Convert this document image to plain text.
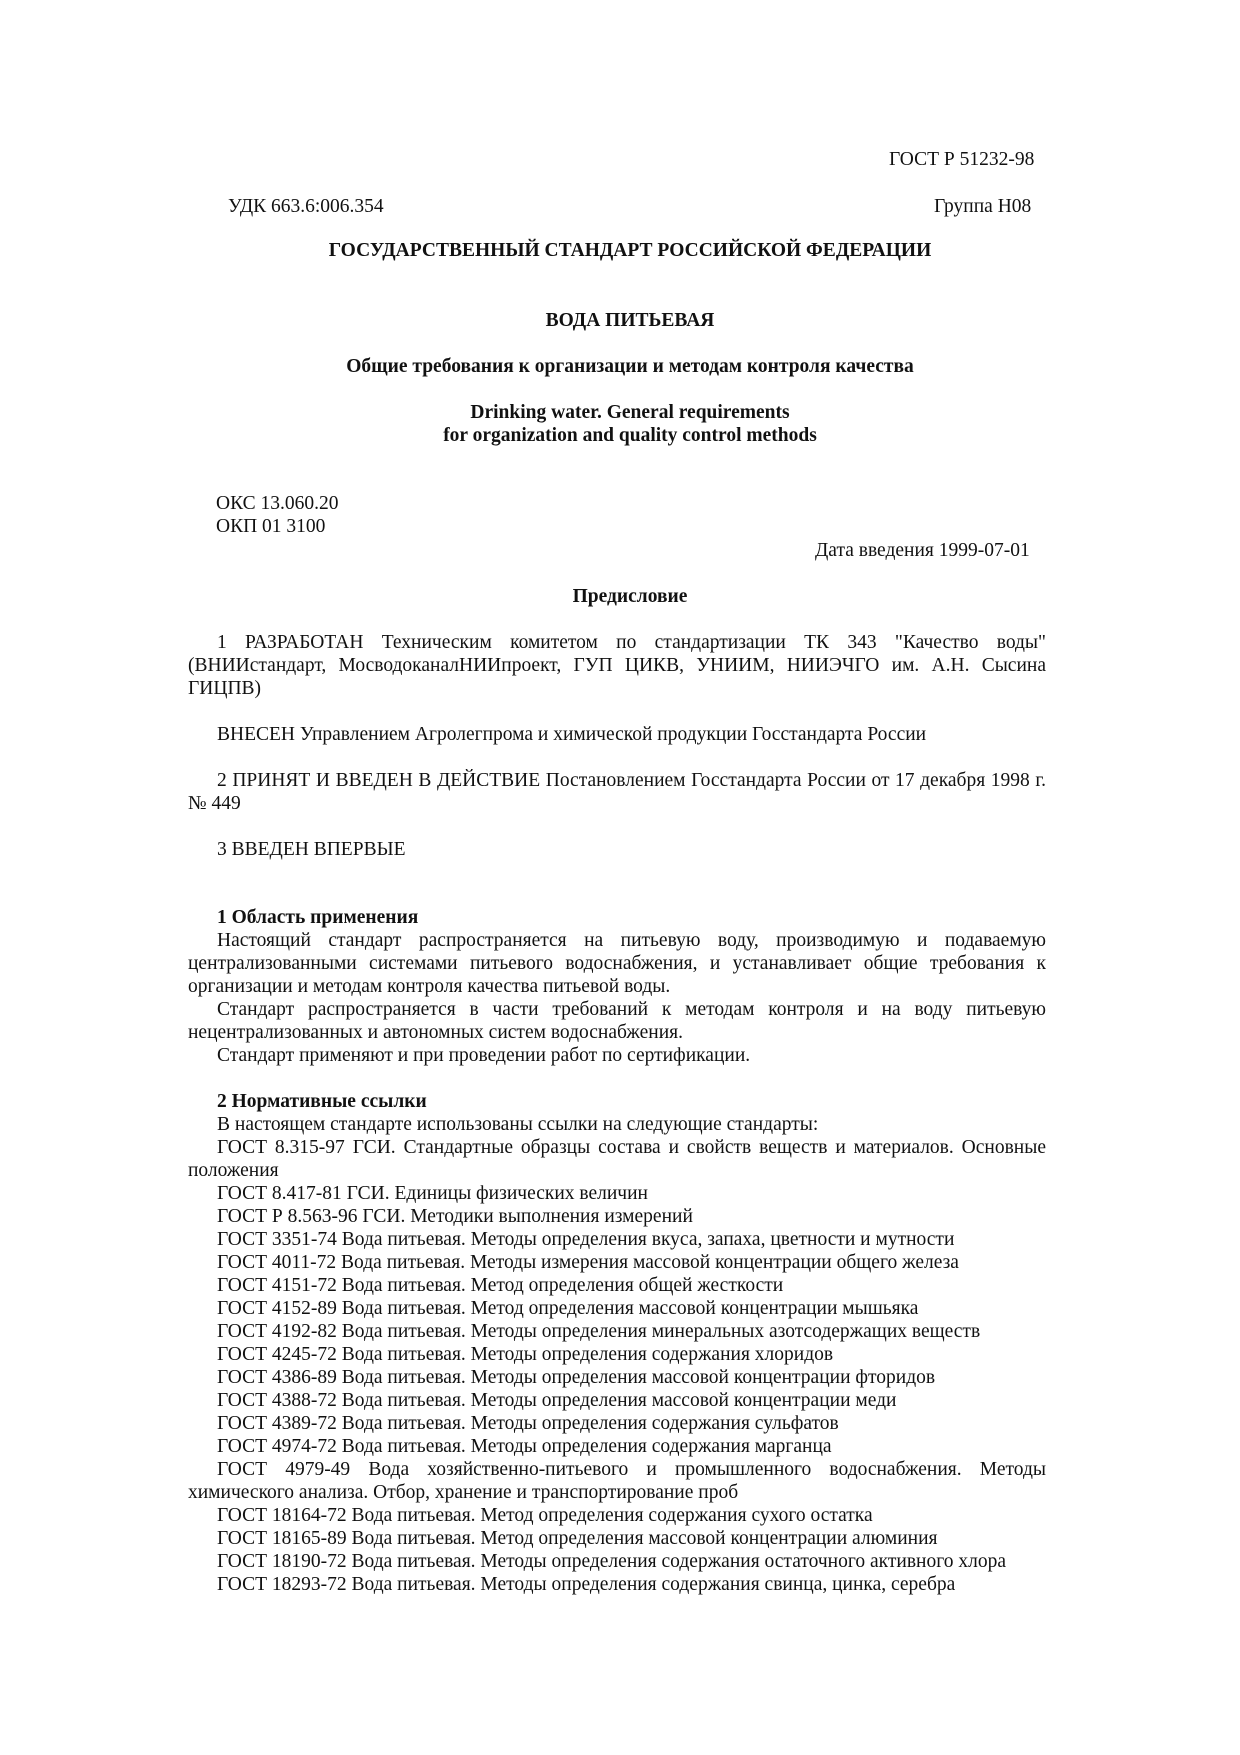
ГОСТ Р 51232-98
УДК 663.6:006.354	Группа Н08
ГОСУДАРСТВЕННЫЙ СТАНДАРТ РОССИЙСКОЙ ФЕДЕРАЦИИ
ВОДА ПИТЬЕВАЯ
Общие требования к организации и методам контроля качества
Drinking water. General requirements
for organization and quality control methods
ОКС 13.060.20
ОКП 01 3100
Дата введения 1999-07-01
Предисловие
1 РАЗРАБОТАН Техническим комитетом по стандартизации ТК 343 "Качество воды" (ВНИИстандарт, МосводоканалНИИпроект, ГУП ЦИКВ, УНИИМ, НИИЭЧГО им. А.Н. Сысина ГИЦПВ)
ВНЕСЕН Управлением Агролегпрома и химической продукции Госстандарта России
2 ПРИНЯТ И ВВЕДЕН В ДЕЙСТВИЕ Постановлением Госстандарта России от 17 декабря 1998 г. № 449
3 ВВЕДЕН ВПЕРВЫЕ
1 Область применения
Настоящий стандарт распространяется на питьевую воду, производимую и подаваемую централизованными системами питьевого водоснабжения, и устанавливает общие требования к организации и методам контроля качества питьевой воды.
Стандарт распространяется в части требований к методам контроля и на воду питьевую нецентрализованных и автономных систем водоснабжения.
Стандарт применяют и при проведении работ по сертификации.
2 Нормативные ссылки
В настоящем стандарте использованы ссылки на следующие стандарты:
ГОСТ 8.315-97 ГСИ. Стандартные образцы состава и свойств веществ и материалов. Основные положения
ГОСТ 8.417-81 ГСИ. Единицы физических величин
ГОСТ Р 8.563-96 ГСИ. Методики выполнения измерений
ГОСТ 3351-74 Вода питьевая. Методы определения вкуса, запаха, цветности и мутности
ГОСТ 4011-72 Вода питьевая. Методы измерения массовой концентрации общего железа
ГОСТ 4151-72 Вода питьевая. Метод определения общей жесткости
ГОСТ 4152-89 Вода питьевая. Метод определения массовой концентрации мышьяка
ГОСТ 4192-82 Вода питьевая. Методы определения минеральных азотсодержащих веществ
ГОСТ 4245-72 Вода питьевая. Методы определения содержания хлоридов
ГОСТ 4386-89 Вода питьевая. Методы определения массовой концентрации фторидов
ГОСТ 4388-72 Вода питьевая. Методы определения массовой концентрации меди
ГОСТ 4389-72 Вода питьевая. Методы определения содержания сульфатов
ГОСТ 4974-72 Вода питьевая. Методы определения содержания марганца
ГОСТ 4979-49 Вода хозяйственно-питьевого и промышленного водоснабжения. Методы химического анализа. Отбор, хранение и транспортирование проб
ГОСТ 18164-72 Вода питьевая. Метод определения содержания сухого остатка
ГОСТ 18165-89 Вода питьевая. Метод определения массовой концентрации алюминия
ГОСТ 18190-72 Вода питьевая. Методы определения содержания остаточного активного хлора
ГОСТ 18293-72 Вода питьевая. Методы определения содержания свинца, цинка, серебра
